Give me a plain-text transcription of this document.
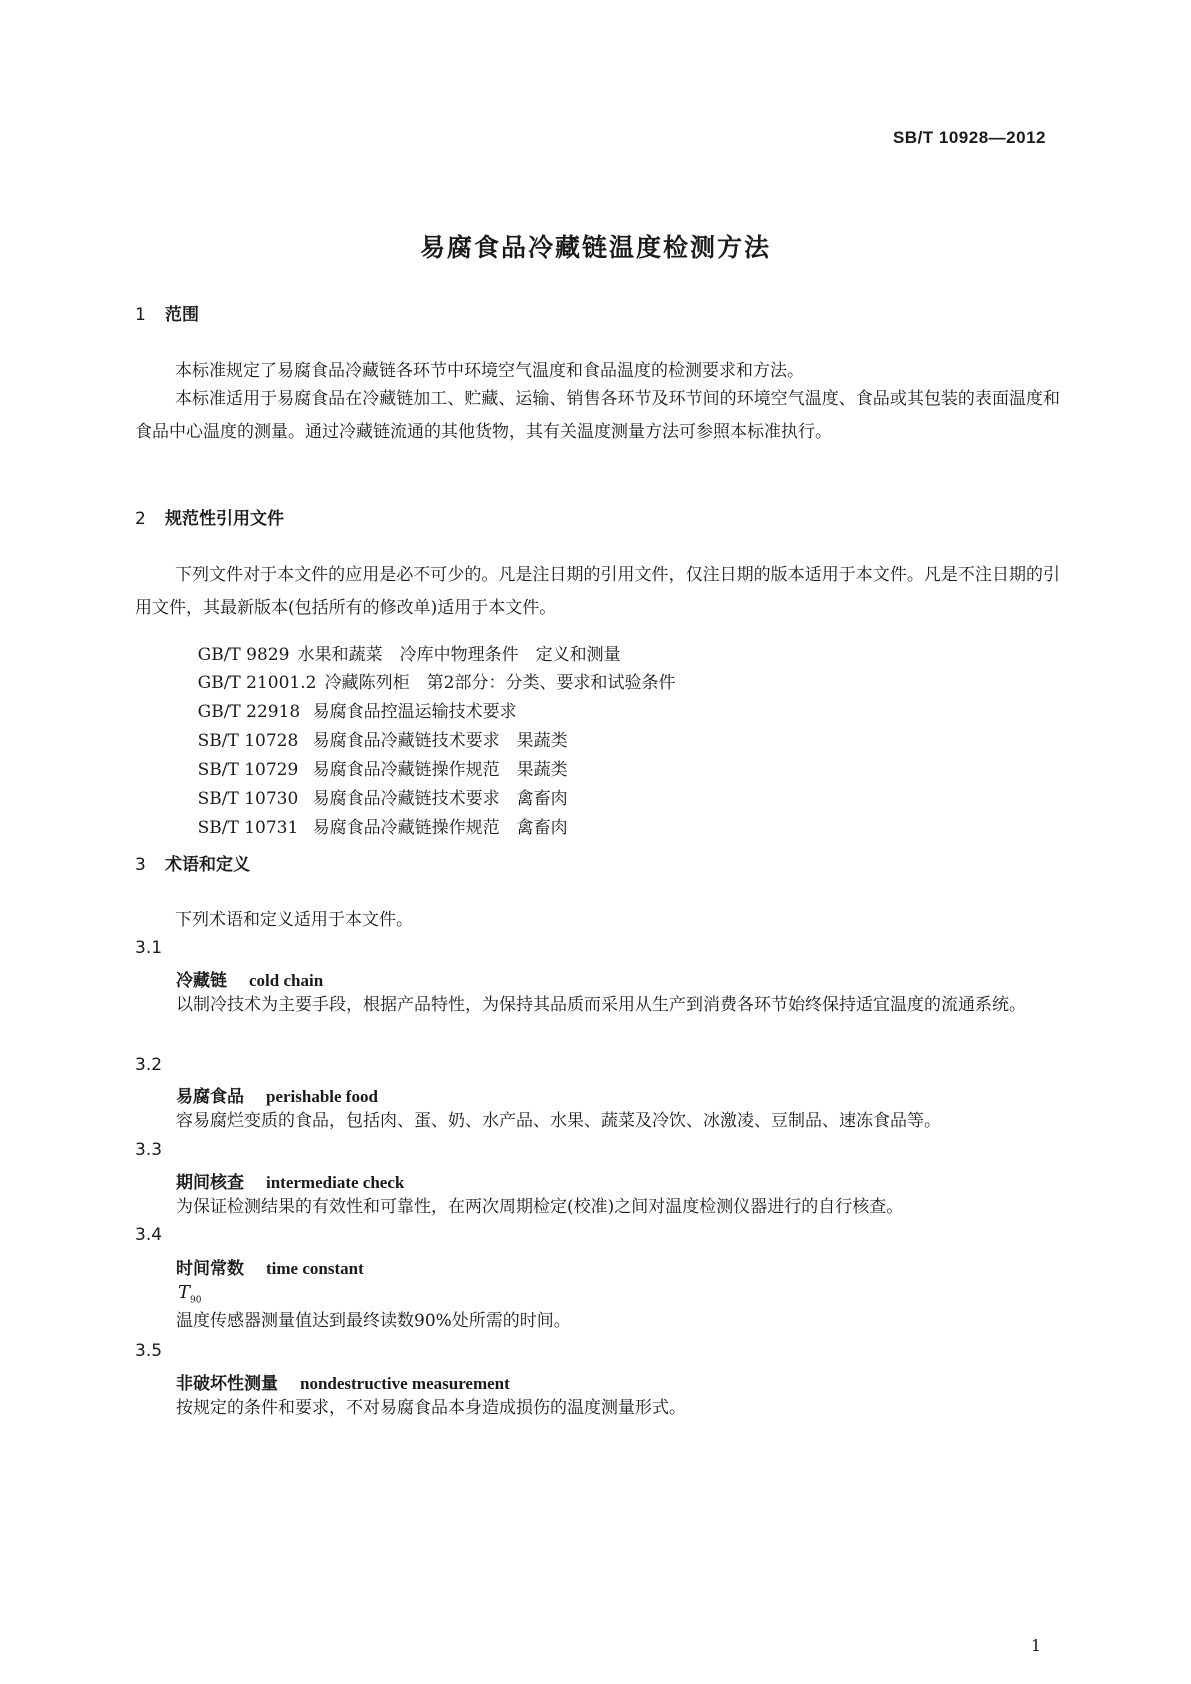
SB/T 10928—2012
易腐食品冷藏链温度检测方法
1 范围

本标准规定了易腐食品冷藏链各环节中环境空气温度和食品温度的检测要求和方法。

本标准适用于易腐食品在冷藏链加工、贮藏、运输、销售各环节及环节间的环境空气温度、食品或其包装的表面温度和食品中心温度的测量。通过冷藏链流通的其他货物，其有关温度测量方法可参照本标准执行。

2 规范性引用文件

下列文件对于本文件的应用是必不可少的。凡是注日期的引用文件，仅注日期的版本适用于本文件。凡是不注日期的引用文件，其最新版本(包括所有的修改单)适用于本文件。

GB/T 9829 水果和蔬菜　冷库中物理条件　定义和测量

GB/T 21001.2 冷藏陈列柜　第2部分：分类、要求和试验条件

GB/T 22918 易腐食品控温运输技术要求

SB/T 10728 易腐食品冷藏链技术要求　果蔬类

SB/T 10729 易腐食品冷藏链操作规范　果蔬类

SB/T 10730 易腐食品冷藏链技术要求　禽畜肉

SB/T 10731 易腐食品冷藏链操作规范　禽畜肉

3 术语和定义

下列术语和定义适用于本文件。

3.1
冷藏链 cold chain

以制冷技术为主要手段，根据产品特性，为保持其品质而采用从生产到消费各环节始终保持适宜温度的流通系统。

3.2
易腐食品 perishable food

容易腐烂变质的食品，包括肉、蛋、奶、水产品、水果、蔬菜及冷饮、冰激凌、豆制品、速冻食品等。

3.3
期间核查 intermediate check

为保证检测结果的有效性和可靠性，在两次周期检定(校准)之间对温度检测仪器进行的自行核查。

3.4
时间常数 time constant
$T_{90}$

温度传感器测量值达到最终读数90%处所需的时间。

3.5
非破坏性测量 nondestructive measurement

按规定的条件和要求，不对易腐食品本身造成损伤的温度测量形式。

1
